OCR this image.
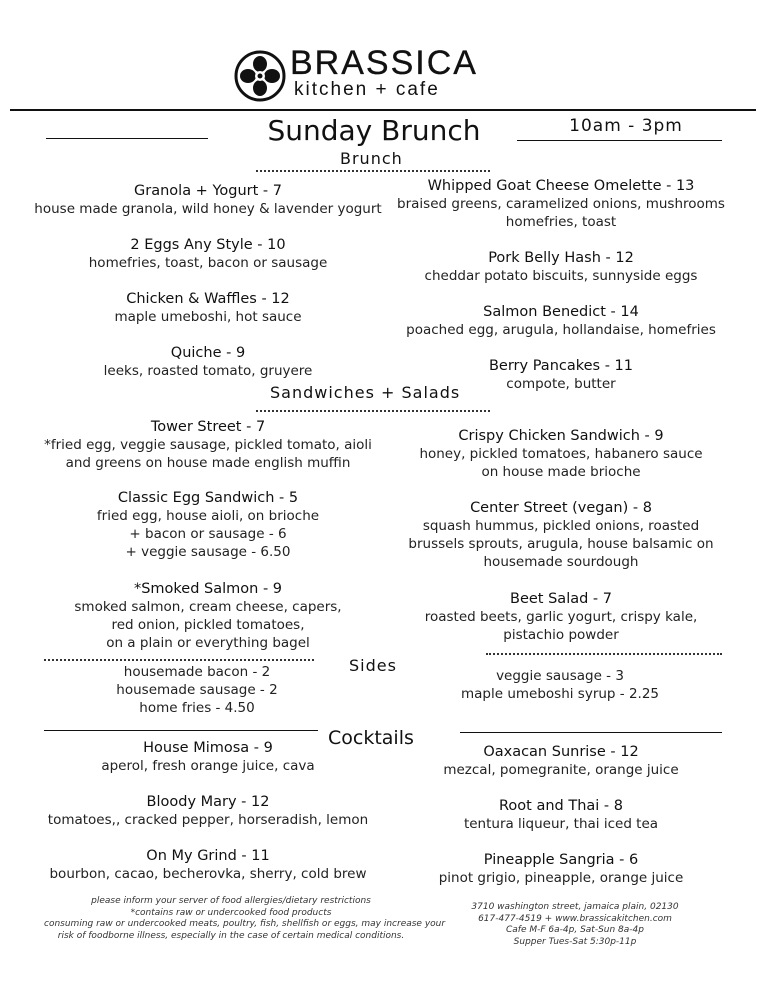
BRASSICA
kitchen + cafe
Sunday Brunch	10am - 3pm
Brunch
Granola + Yogurt - 7
house made granola, wild honey & lavender yogurt
2 Eggs Any Style - 10
homefries, toast, bacon or sausage
Chicken & Waffles - 12
maple umeboshi, hot sauce
Quiche - 9
leeks, roasted tomato, gruyere
Whipped Goat Cheese Omelette - 13
braised greens, caramelized onions, mushrooms
homefries, toast
Pork Belly Hash - 12
cheddar potato biscuits, sunnyside eggs
Salmon Benedict - 14
poached egg, arugula, hollandaise, homefries
Berry Pancakes - 11
compote, butter
Sandwiches + Salads
Tower Street - 7
*fried egg, veggie sausage, pickled tomato, aioli
and greens on house made english muffin
Classic Egg Sandwich - 5
fried egg, house aioli, on brioche
+ bacon or sausage - 6
+ veggie sausage - 6.50
*Smoked Salmon - 9
smoked salmon, cream cheese, capers,
red onion, pickled tomatoes,
on a plain or everything bagel
Crispy Chicken Sandwich - 9
honey, pickled tomatoes, habanero sauce
on house made brioche
Center Street (vegan) - 8
squash hummus, pickled onions, roasted
brussels sprouts, arugula, house balsamic on
housemade sourdough
Beet Salad - 7
roasted beets, garlic yogurt, crispy kale,
pistachio powder
Sides
housemade bacon - 2
housemade sausage - 2
home fries - 4.50
veggie sausage - 3
maple umeboshi syrup - 2.25
Cocktails
House Mimosa - 9
aperol, fresh orange juice, cava
Bloody Mary - 12
tomatoes,, cracked pepper, horseradish, lemon
On My Grind - 11
bourbon, cacao, becherovka, sherry, cold brew
Oaxacan Sunrise - 12
mezcal, pomegranite, orange juice
Root and Thai - 8
tentura liqueur, thai iced tea
Pineapple Sangria - 6
pinot grigio, pineapple, orange juice
please inform your server of food allergies/dietary restrictions
*contains raw or undercooked food products
consuming raw or undercooked meats, poultry, fish, shellfish or eggs, may increase your
risk of foodborne illness, especially in the case of certain medical conditions.
3710 washington street, jamaica plain, 02130
617-477-4519 + www.brassicakitchen.com
Cafe M-F 6a-4p, Sat-Sun 8a-4p
Supper Tues-Sat 5:30p-11p
